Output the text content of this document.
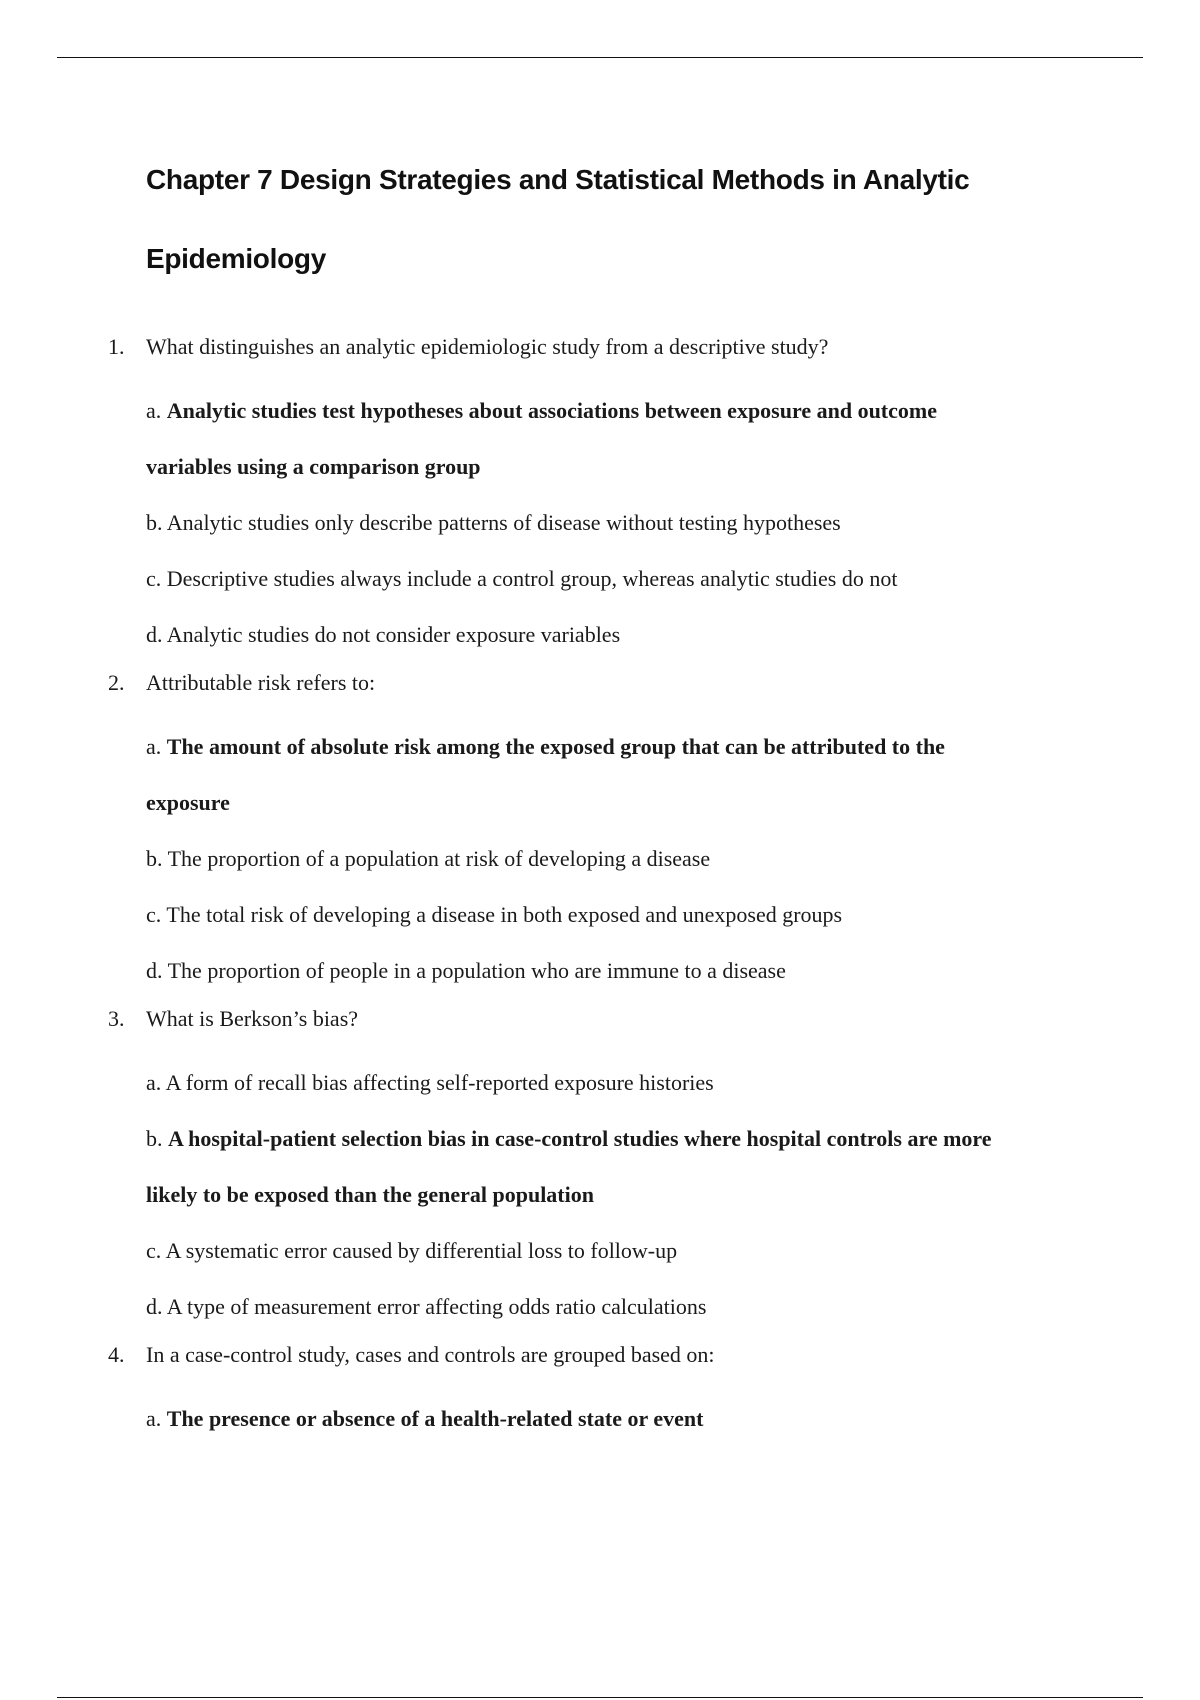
Chapter 7 Design Strategies and Statistical Methods in Analytic
Epidemiology
1. What distinguishes an analytic epidemiologic study from a descriptive study?
a. Analytic studies test hypotheses about associations between exposure and outcome
variables using a comparison group
b. Analytic studies only describe patterns of disease without testing hypotheses
c. Descriptive studies always include a control group, whereas analytic studies do not
d. Analytic studies do not consider exposure variables
2. Attributable risk refers to:
a. The amount of absolute risk among the exposed group that can be attributed to the
exposure
b. The proportion of a population at risk of developing a disease
c. The total risk of developing a disease in both exposed and unexposed groups
d. The proportion of people in a population who are immune to a disease
3. What is Berkson’s bias?
a. A form of recall bias affecting self-reported exposure histories
b. A hospital-patient selection bias in case-control studies where hospital controls are more
likely to be exposed than the general population
c. A systematic error caused by differential loss to follow-up
d. A type of measurement error affecting odds ratio calculations
4. In a case-control study, cases and controls are grouped based on:
a. The presence or absence of a health-related state or event
